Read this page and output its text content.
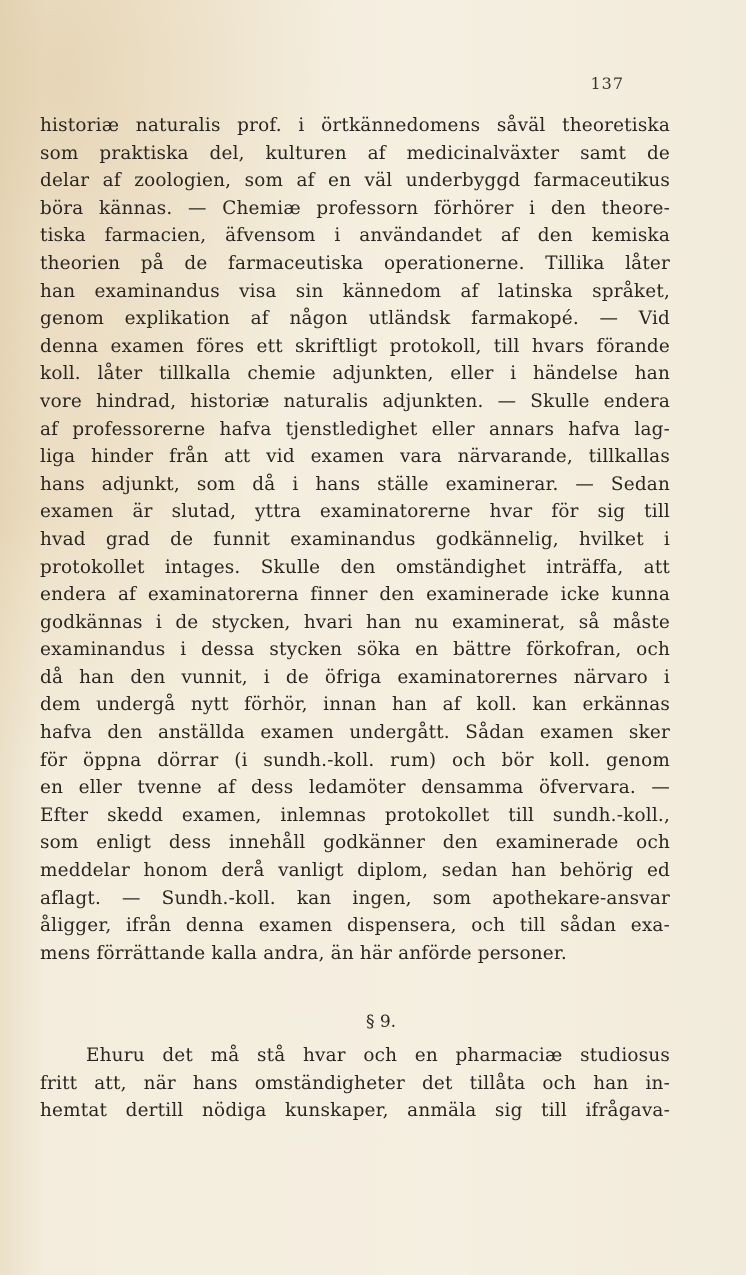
137
historiæ naturalis prof. i örtkännedomens såväl theoretiska
som praktiska del, kulturen af medicinalväxter samt de
delar af zoologien, som af en väl underbyggd farmaceutikus
böra kännas. — Chemiæ professorn förhörer i den theore-
tiska farmacien, äfvensom i användandet af den kemiska
theorien på de farmaceutiska operationerne. Tillika låter
han examinandus visa sin kännedom af latinska språket,
genom explikation af någon utländsk farmakopé. — Vid
denna examen föres ett skriftligt protokoll, till hvars förande
koll. låter tillkalla chemie adjunkten, eller i händelse han
vore hindrad, historiæ naturalis adjunkten. — Skulle endera
af professorerne hafva tjenstledighet eller annars hafva lag-
liga hinder från att vid examen vara närvarande, tillkallas
hans adjunkt, som då i hans ställe examinerar. — Sedan
examen är slutad, yttra examinatorerne hvar för sig till
hvad grad de funnit examinandus godkännelig, hvilket i
protokollet intages. Skulle den omständighet inträffa, att
endera af examinatorerna finner den examinerade icke kunna
godkännas i de stycken, hvari han nu examinerat, så måste
examinandus i dessa stycken söka en bättre förkofran, och
då han den vunnit, i de öfriga examinatorernes närvaro i
dem undergå nytt förhör, innan han af koll. kan erkännas
hafva den anställda examen undergått. Sådan examen sker
för öppna dörrar (i sundh.-koll. rum) och bör koll. genom
en eller tvenne af dess ledamöter densamma öfvervara. —
Efter skedd examen, inlemnas protokollet till sundh.-koll.,
som enligt dess innehåll godkänner den examinerade och
meddelar honom derå vanligt diplom, sedan han behörig ed
aflagt. — Sundh.-koll. kan ingen, som apothekare-ansvar
åligger, ifrån denna examen dispensera, och till sådan exa-
mens förrättande kalla andra, än här anförde personer.
§ 9.
Ehuru det må stå hvar och en pharmaciæ studiosus
fritt att, när hans omständigheter det tillåta och han in-
hemtat dertill nödiga kunskaper, anmäla sig till ifrågava-
